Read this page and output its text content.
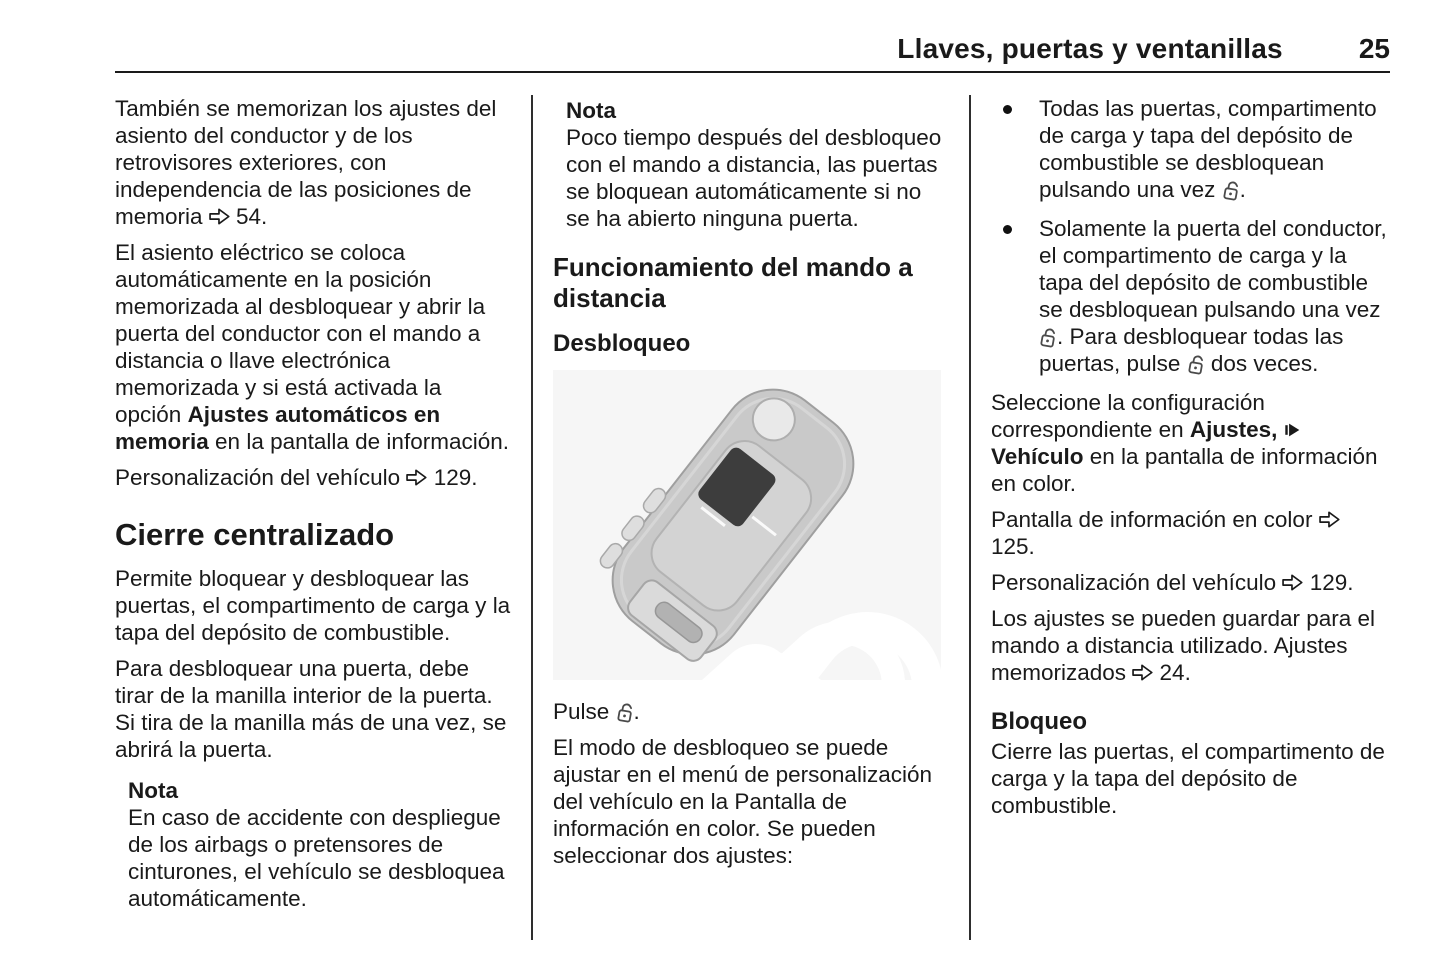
Llaves, puertas y ventanillas	25

También se memorizan los ajustes del asiento del conductor y de los retrovisores exteriores, con independencia de las posiciones de memoria  54.

El asiento eléctrico se coloca automáticamente en la posición memorizada al desbloquear y abrir la puerta del conductor con el mando a distancia o llave electrónica memorizada y si está activada la opción Ajustes automáticos en memoria en la pantalla de información.

Personalización del vehículo  129.

Cierre centralizado

Permite bloquear y desbloquear las puertas, el compartimento de carga y la tapa del depósito de combustible.

Para desbloquear una puerta, debe tirar de la manilla interior de la puerta. Si tira de la manilla más de una vez, se abrirá la puerta.

Nota

En caso de accidente con despliegue de los airbags o pretensores de cinturones, el vehículo se desbloquea automáticamente.

Nota

Poco tiempo después del desbloqueo con el mando a distancia, las puertas se bloquean automáticamente si no se ha abierto ninguna puerta.

Funcionamiento del mando a distancia
Desbloqueo

Pulse .

El modo de desbloqueo se puede ajustar en el menú de personalización del vehículo en la Pantalla de información en color. Se pueden seleccionar dos ajustes:

Todas las puertas, compartimento de carga y tapa del depósito de combustible se desbloquean pulsando una vez .
Solamente la puerta del conductor, el compartimento de carga y la tapa del depósito de combustible se desbloquean pulsando una vez . Para desbloquear todas las puertas, pulse  dos veces.

Seleccione la configuración correspondiente en Ajustes,  Vehículo en la pantalla de información en color.

Pantalla de información en color  125.

Personalización del vehículo  129.

Los ajustes se pueden guardar para el mando a distancia utilizado. Ajustes memorizados  24.

Bloqueo

Cierre las puertas, el compartimento de carga y la tapa del depósito de combustible.
